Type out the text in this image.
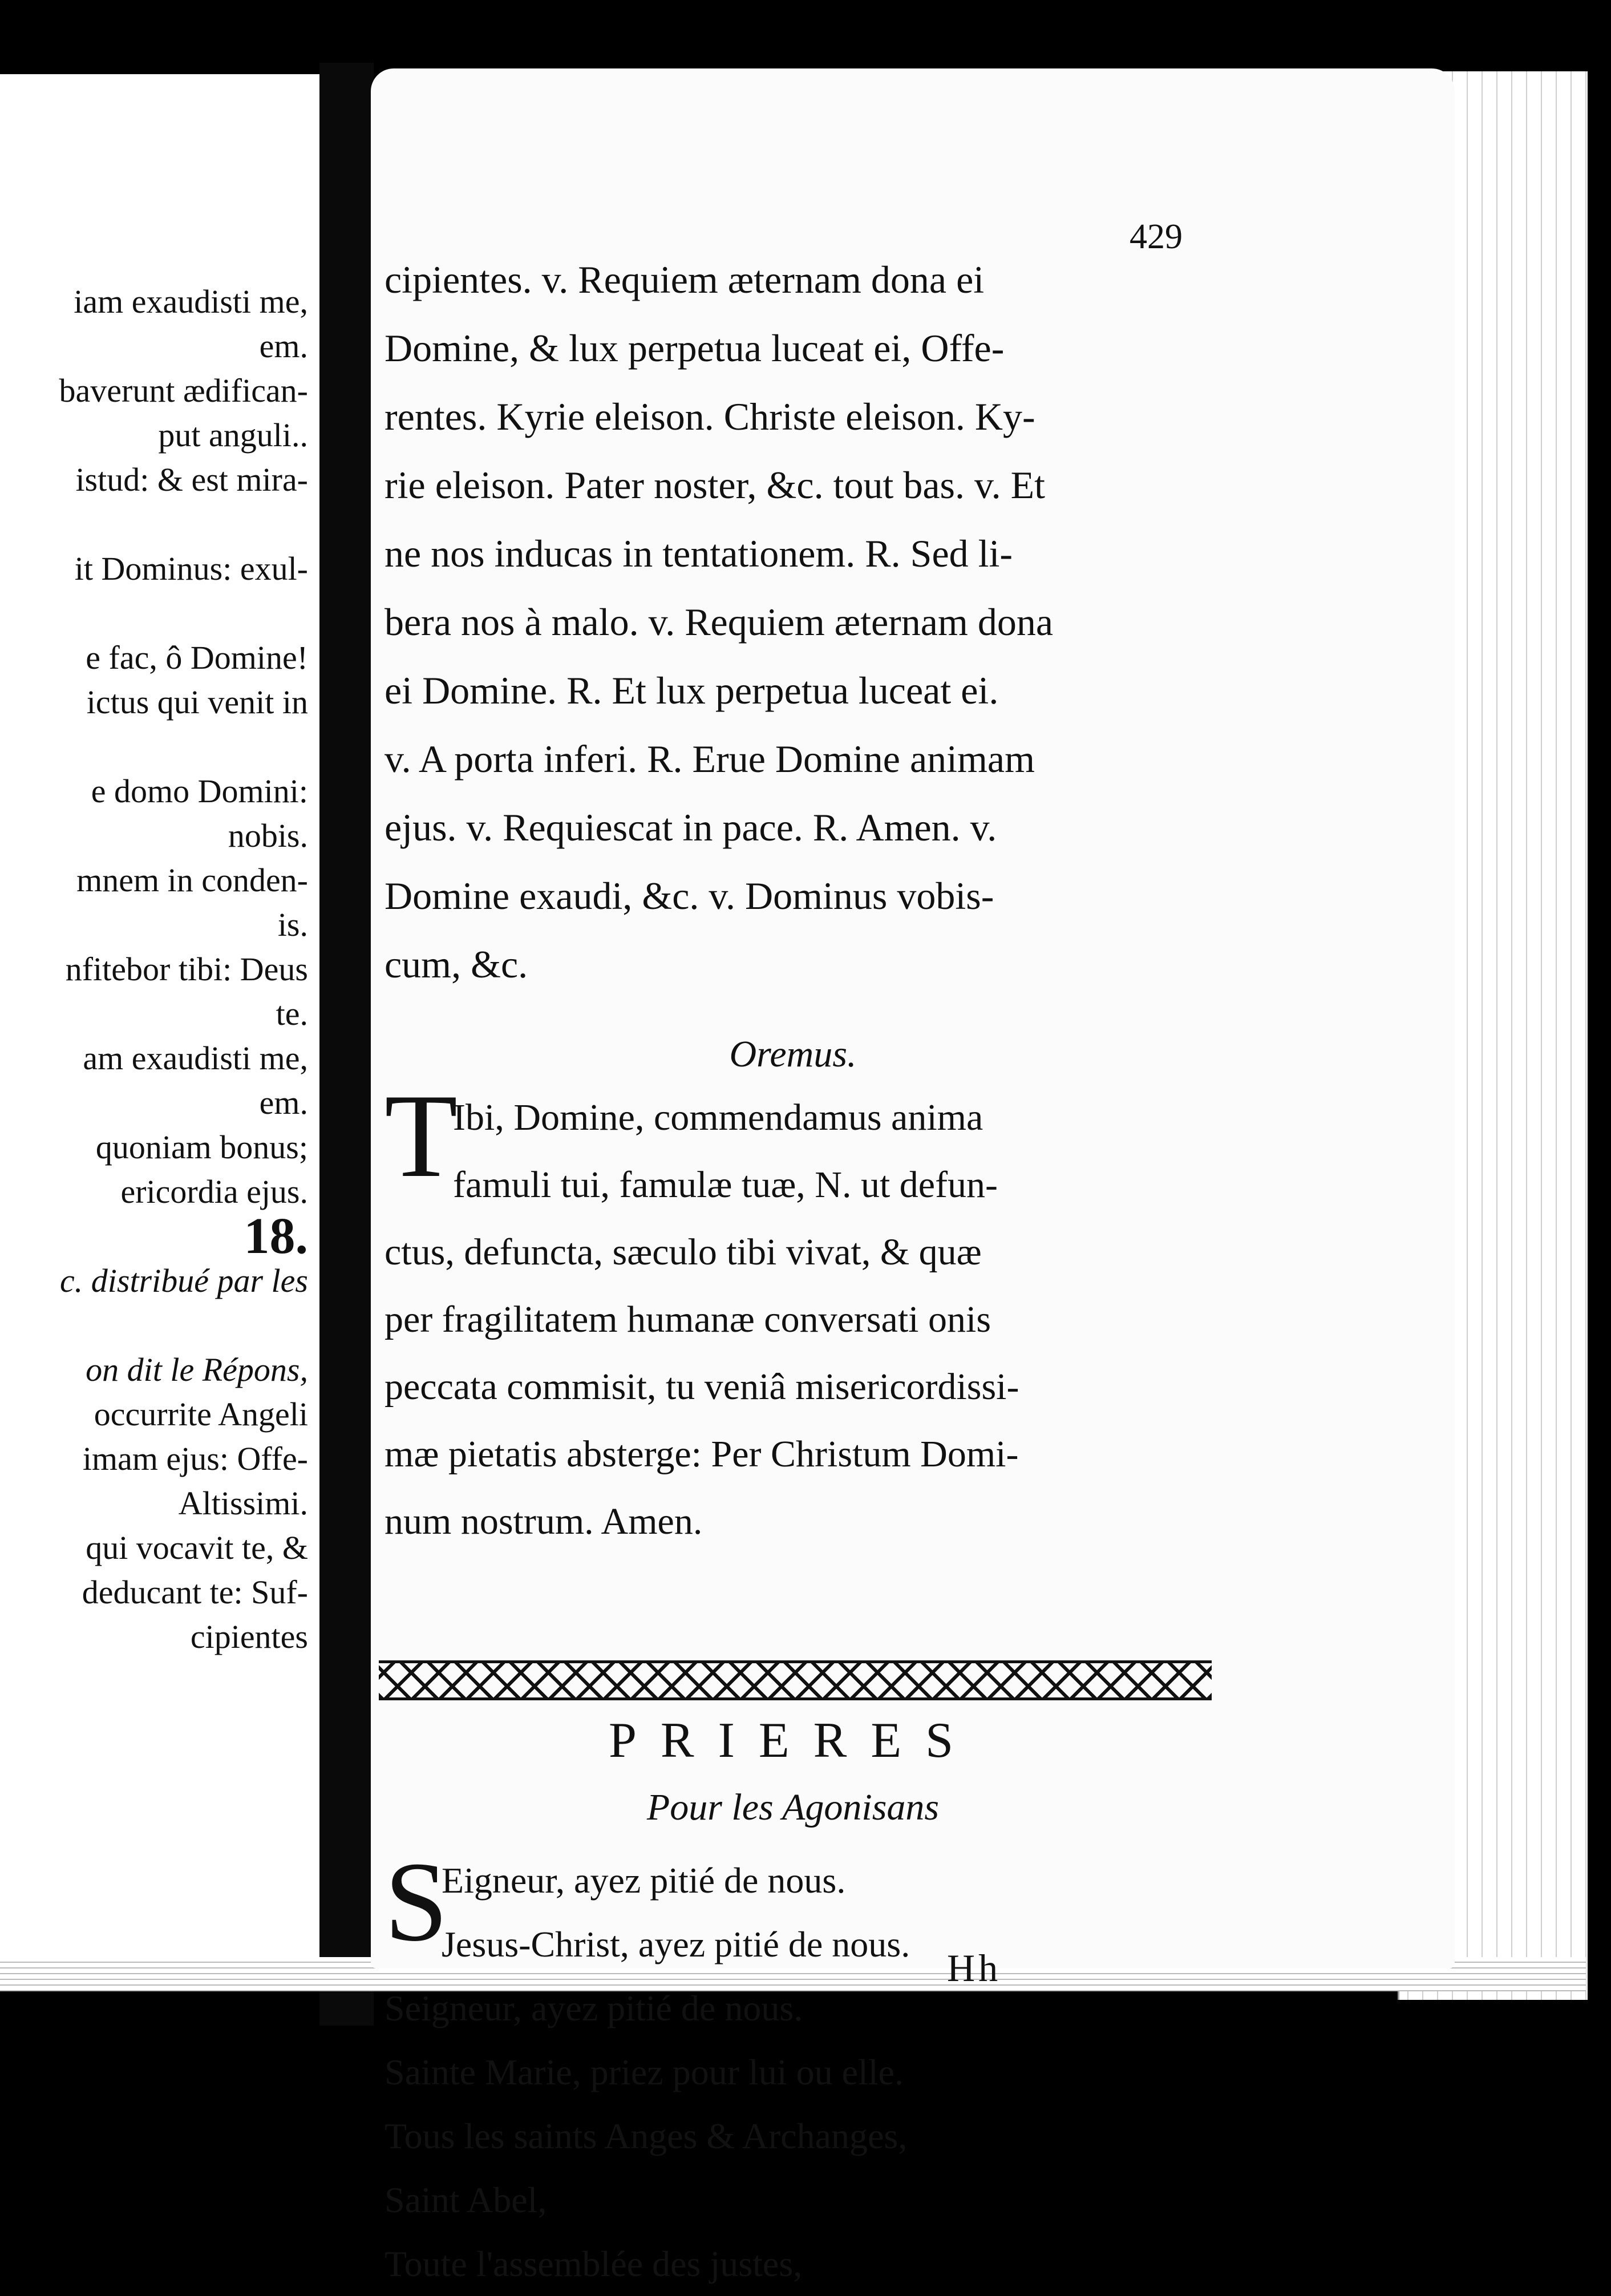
iam exaudisti me,
em.
baverunt ædifican-
put anguli..
istud: & est mira-
it Dominus: exul-
e fac, ô Domine!
ictus qui venit in
e domo Domini:
nobis.
mnem in conden-
is.
nfitebor tibi: Deus
te.
am exaudisti me,
em.
quoniam bonus;
ericordia ejus.
18.
c. distribué par les
on dit le Répons,
occurrite Angeli
imam ejus: Offe-
Altissimi.
qui vocavit te, &
deducant te: Suf-
cipientes
429
cipientes. v. Requiem æternam dona ei
Domine, & lux perpetua luceat ei, Offe-
rentes. Kyrie eleison. Christe eleison. Ky-
rie eleison. Pater noster, &c. tout bas. v. Et
ne nos inducas in tentationem. R. Sed li-
bera nos à malo. v. Requiem æternam dona
ei Domine. R. Et lux perpetua luceat ei.
v. A porta inferi. R. Erue Domine animam
ejus. v. Requiescat in pace. R. Amen. v.
Domine exaudi, &c. v. Dominus vobis-
cum, &c.
Oremus.
T
Ibi, Domine, commendamus anima
famuli tui, famulæ tuæ, N. ut defun-
ctus, defuncta, sæculo tibi vivat, & quæ
per fragilitatem humanæ conversati onis
peccata commisit, tu veniâ misericordissi-
mæ pietatis absterge: Per Christum Domi-
num nostrum. Amen.
PRIERES
Pour les Agonisans
S
Eigneur, ayez pitié de nous.
Jesus-Christ, ayez pitié de nous.
Seigneur, ayez pitié de nous.
Sainte Marie, priez pour lui ou elle.
Tous les saints Anges & Archanges,
Saint Abel,
Toute l'assemblée des justes,
Hh
